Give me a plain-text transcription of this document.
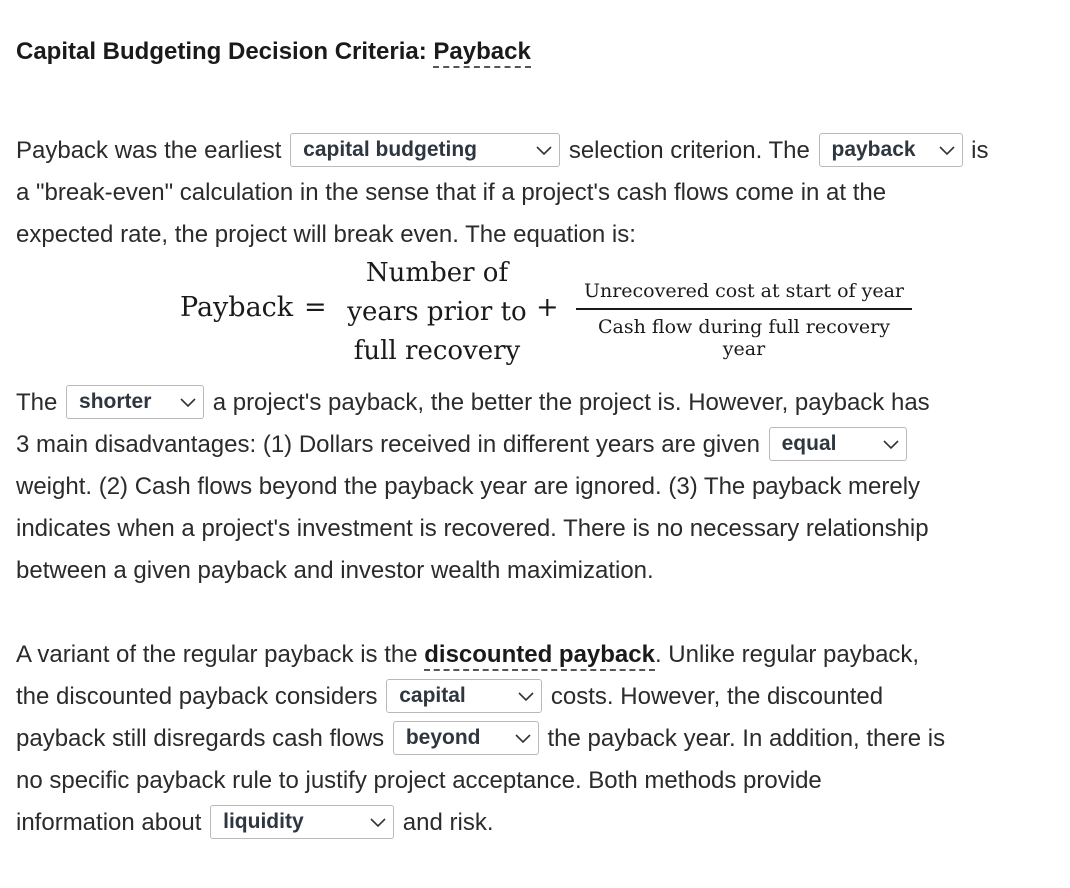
Capital Budgeting Decision Criteria: Payback
Payback was the earliest capital budgeting	selection criterion. The payback is
a "break-even" calculation in the sense that if a project's cash flows come in at the
expected rate, the project will break even. The equation is:
Payback =
Number of
years prior to
full recovery
+
Unrecovered cost at start of year
Cash flow during full recovery year
The shorter	a project's payback, the better the project is. However, payback has
3 main disadvantages: (1) Dollars received in different years are given equal
weight. (2) Cash flows beyond the payback year are ignored. (3) The payback merely
indicates when a project's investment is recovered. There is no necessary relationship
between a given payback and investor wealth maximization.
A variant of the regular payback is the discounted payback. Unlike regular payback,
the discounted payback considers capital	costs. However, the discounted
payback still disregards cash flows beyond	the payback year. In addition, there is
no specific payback rule to justify project acceptance. Both methods provide
information about liquidity	and risk.
